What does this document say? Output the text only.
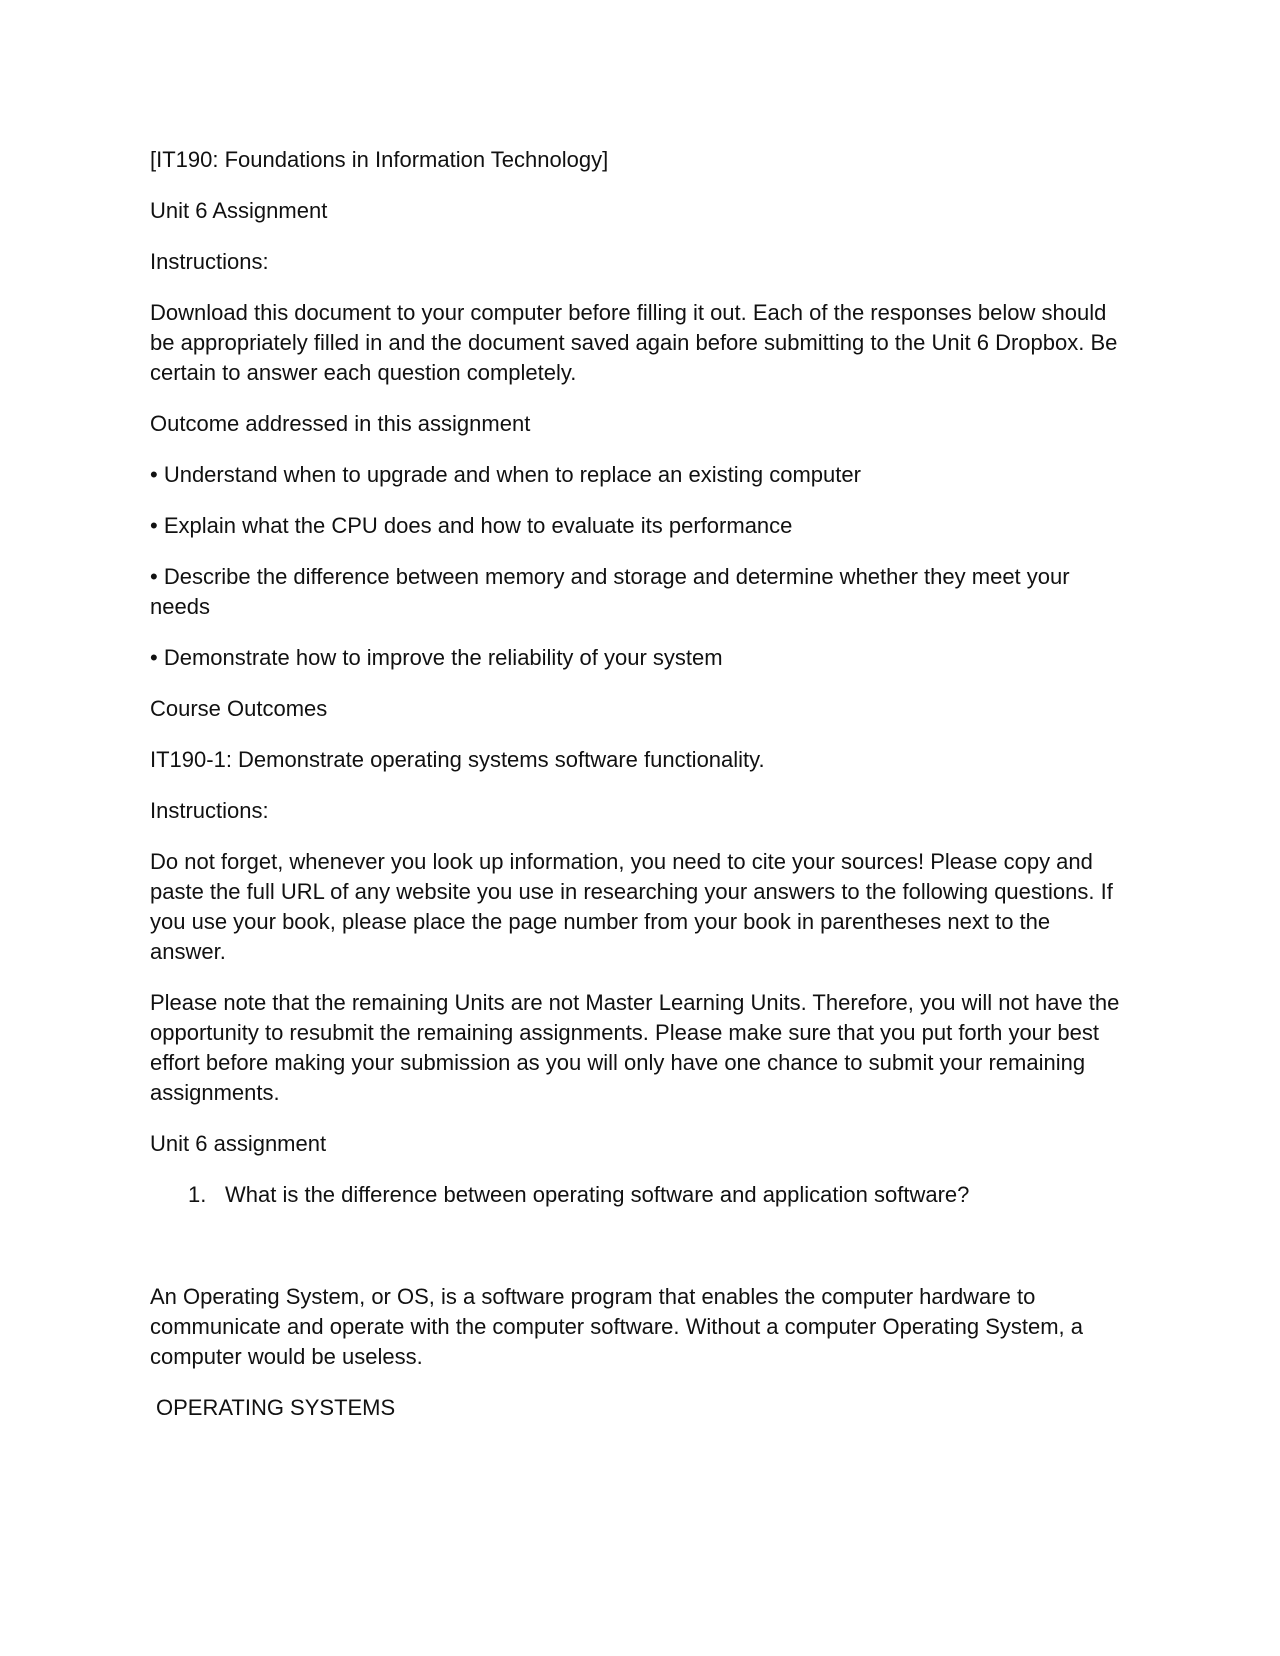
[IT190: Foundations in Information Technology]

Unit 6 Assignment

Instructions:

Download this document to your computer before filling it out. Each of the responses below should be appropriately filled in and the document saved again before submitting to the Unit 6 Dropbox. Be certain to answer each question completely.

Outcome addressed in this assignment

• Understand when to upgrade and when to replace an existing computer

• Explain what the CPU does and how to evaluate its performance

• Describe the difference between memory and storage and determine whether they meet your needs

• Demonstrate how to improve the reliability of your system

Course Outcomes

IT190-1: Demonstrate operating systems software functionality.

Instructions:

Do not forget, whenever you look up information, you need to cite your sources! Please copy and paste the full URL of any website you use in researching your answers to the following questions. If you use your book, please place the page number from your book in parentheses next to the answer.

Please note that the remaining Units are not Master Learning Units. Therefore, you will not have the opportunity to resubmit the remaining assignments. Please make sure that you put forth your best effort before making your submission as you will only have one chance to submit your remaining assignments.

Unit 6 assignment

1. What is the difference between operating software and application software?

An Operating System, or OS, is a software program that enables the computer hardware to communicate and operate with the computer software. Without a computer Operating System, a computer would be useless.

OPERATING SYSTEMS
